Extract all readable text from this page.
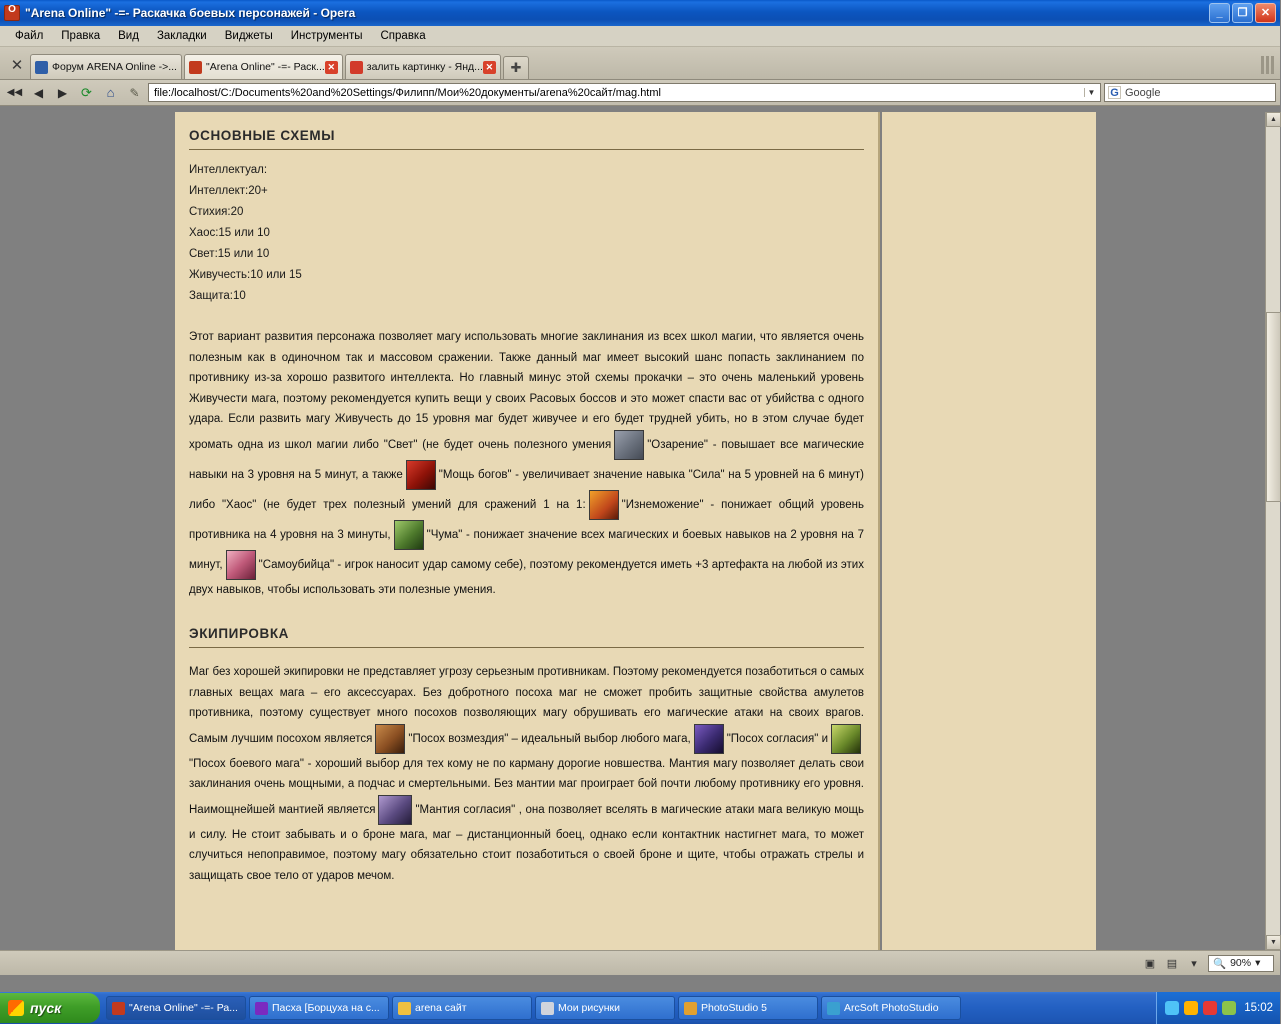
O
"Arena Online" -=- Раскачка боевых персонажей - Opera	_	❐	✕
Файл	Правка	Вид	Закладки	Виджеты	Инструменты	Справка
✕	Форум ARENA Online ->...	"Arena Online" -=- Раск... ✕	залить картинку - Янд... ✕	✚
◀◀ ◀	▶	⟳	⌂	✎	file:/localhost/C:/Documents%20and%20Settings/Филипп/Мои%20документы/arena%20сайт/mag.html	▼ G Google
ОСНОВНЫЕ СХЕМЫ
Интеллектуал:
Интеллект:20+
Стихия:20
Хаос:15 или 10
Свет:15 или 10
Живучесть:10 или 15
Защита:10

Этот вариант развития персонажа позволяет магу использовать многие заклинания из всех школ магии, что является очень полезным как в одиночном так и массовом сражении. Также данный маг имеет высокий шанс попасть заклинанием по противнику из-за хорошо развитого интеллекта. Но главный минус этой схемы прокачки – это очень маленький уровень Живучести мага, поэтому рекомендуется купить вещи у своих Расовых боссов и это может спасти вас от убийства с одного удара. Если развить магу Живучесть до 15 уровня маг будет живучее и его будет трудней убить, но в этом случае будет хромать одна из школ магии либо "Свет" (не будет очень полезного умения	"Озарение" - повышает все магические навыки на 3 уровня на 5 минут, а также	"Мощь богов" - увеличивает значение навыка "Сила" на 5 уровней на 6 минут) либо "Хаос" (не будет трех полезный умений для сражений 1 на 1:	"Изнеможение" - понижает общий уровень противника на 4 уровня на 3 минуты,	"Чума" - понижает значение всех магических и боевых навыков на 2 уровня на 7 минут,	"Самоубийца" - игрок наносит удар самому себе), поэтому рекомендуется иметь +3 артефакта на любой из этих двух навыков, чтобы использовать эти полезные умения.

ЭКИПИРОВКА

Маг без хорошей экипировки не представляет угрозу серьезным противникам. Поэтому рекомендуется позаботиться о самых главных вещах мага – его аксессуарах. Без добротного посоха маг не сможет пробить защитные свойства амулетов противника, поэтому существует много посохов позволяющих магу обрушивать его магические атаки на своих врагов. Самым лучшим посохом является	"Посох возмездия" – идеальный выбор любого мага,	"Посох согласия" и"Посох боевого мага" - хороший выбор для тех кому не по карману дорогие новшества. Мантия магу позволяет делать свои заклинания очень мощными, а подчас и смертельными. Без мантии маг проиграет бой почти любому противнику его уровня. Наимощнейшей мантией является	"Мантия согласия" , она позволяет вселять в магические атаки мага великую мощь и силу. Не стоит забывать и о броне мага, маг – дистанционный боец, однако если контактник настигнет мага, то может случиться непоправимое, поэтому магу обязательно стоит позаботиться о своей броне и щите, чтобы отражать стрелы и защищать свое тело от ударов мечом.

▲
▼
▣ ▤	▾	🔍 90% ▾
пуск	"Arena Online" -=- Ра...	Пасха [Борцуха на с...	arena сайт	Мои рисунки	PhotoStudio 5	ArcSoft PhotoStudio	15:02
